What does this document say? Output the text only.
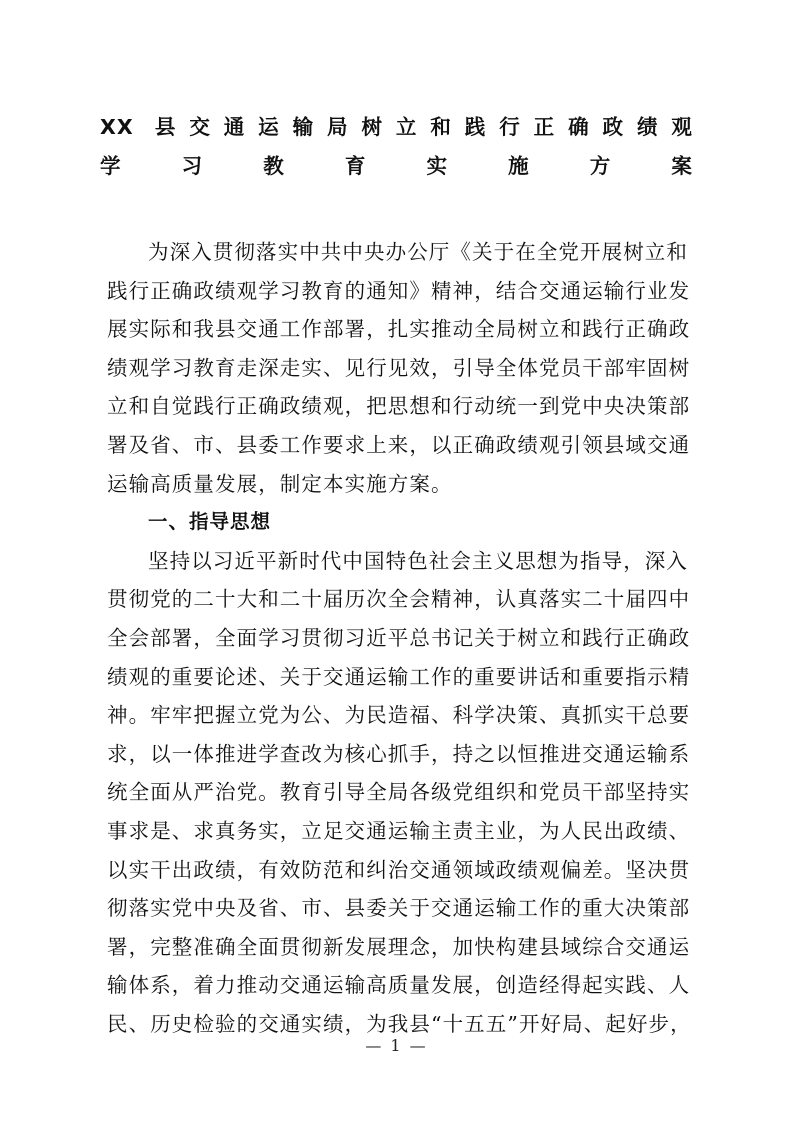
XX 县交通运输局树立和践行正确政绩观
学习教育实施方案
为深入贯彻落实中共中央办公厅《关于在全党开展树立和
践行正确政绩观学习教育的通知》精神，结合交通运输行业发
展实际和我县交通工作部署，扎实推动全局树立和践行正确政
绩观学习教育走深走实、见行见效，引导全体党员干部牢固树
立和自觉践行正确政绩观，把思想和行动统一到党中央决策部
署及省、市、县委工作要求上来，以正确政绩观引领县域交通
运输高质量发展，制定本实施方案。
一、指导思想
坚持以习近平新时代中国特色社会主义思想为指导，深入
贯彻党的二十大和二十届历次全会精神，认真落实二十届四中
全会部署，全面学习贯彻习近平总书记关于树立和践行正确政
绩观的重要论述、关于交通运输工作的重要讲话和重要指示精
神。牢牢把握立党为公、为民造福、科学决策、真抓实干总要
求，以一体推进学查改为核心抓手，持之以恒推进交通运输系
统全面从严治党。教育引导全局各级党组织和党员干部坚持实
事求是、求真务实，立足交通运输主责主业，为人民出政绩、
以实干出政绩，有效防范和纠治交通领域政绩观偏差。坚决贯
彻落实党中央及省、市、县委关于交通运输工作的重大决策部
署，完整准确全面贯彻新发展理念，加快构建县域综合交通运
输体系，着力推动交通运输高质量发展，创造经得起实践、人
民、历史检验的交通实绩，为我县“十五五”开好局、起好步，
— 1 —
